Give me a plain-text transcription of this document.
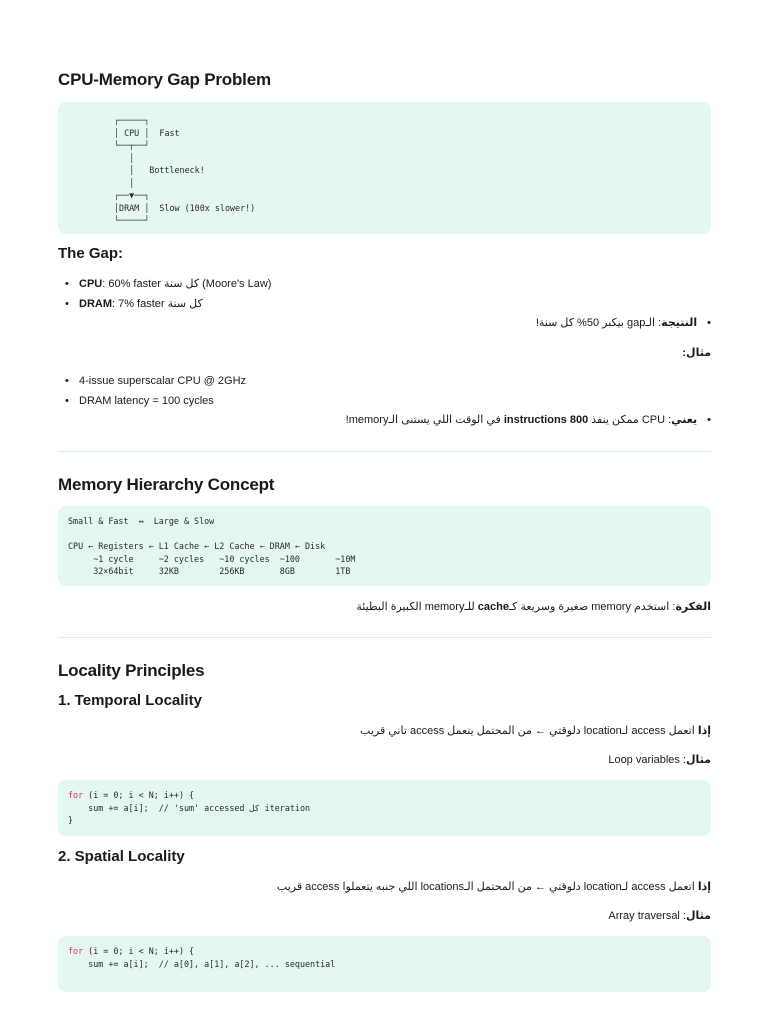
CPU-Memory Gap Problem
┌─────┐
│ CPU │  Fast
└──┬──┘
│
│   Bottleneck!
│
┌──▼──┐
│DRAM │  Slow (100x slower!)
└─────┘
The Gap:
• CPU: 60% faster كل سنة (Moore's Law)
• DRAM: 7% faster كل سنة
•النتيجة: الـgap بيكبر 50% كل سنة!
مثال:
• 4-issue superscalar CPU @ 2GHz
• DRAM latency = 100 cycles
•يعني: CPU ممكن ينفذ 800 instructions في الوقت اللي يستنى الـmemory!
Memory Hierarchy Concept
Small & Fast  ↔  Large & Slow

CPU ← Registers ← L1 Cache ← L2 Cache ← DRAM ← Disk
~1 cycle     ~2 cycles   ~10 cycles  ~100       ~10M
32×64bit     32KB        256KB       8GB        1TB
الفكرة: استخدم memory صغيرة وسريعة كـcache للـmemory الكبيرة البطيئة
Locality Principles
1. Temporal Locality
إذا اتعمل access لـlocation دلوقتي ← من المحتمل يتعمل access تاني قريب
مثال: Loop variables
for (i = 0; i < N; i++) {
sum += a[i];  // 'sum' accessed كل iteration
}
2. Spatial Locality
إذا اتعمل access لـlocation دلوقتي ← من المحتمل الـlocations اللي جنبه يتعملوا access قريب
مثال: Array traversal
for (i = 0; i < N; i++) {
sum += a[i];  // a[0], a[1], a[2], ... sequential
